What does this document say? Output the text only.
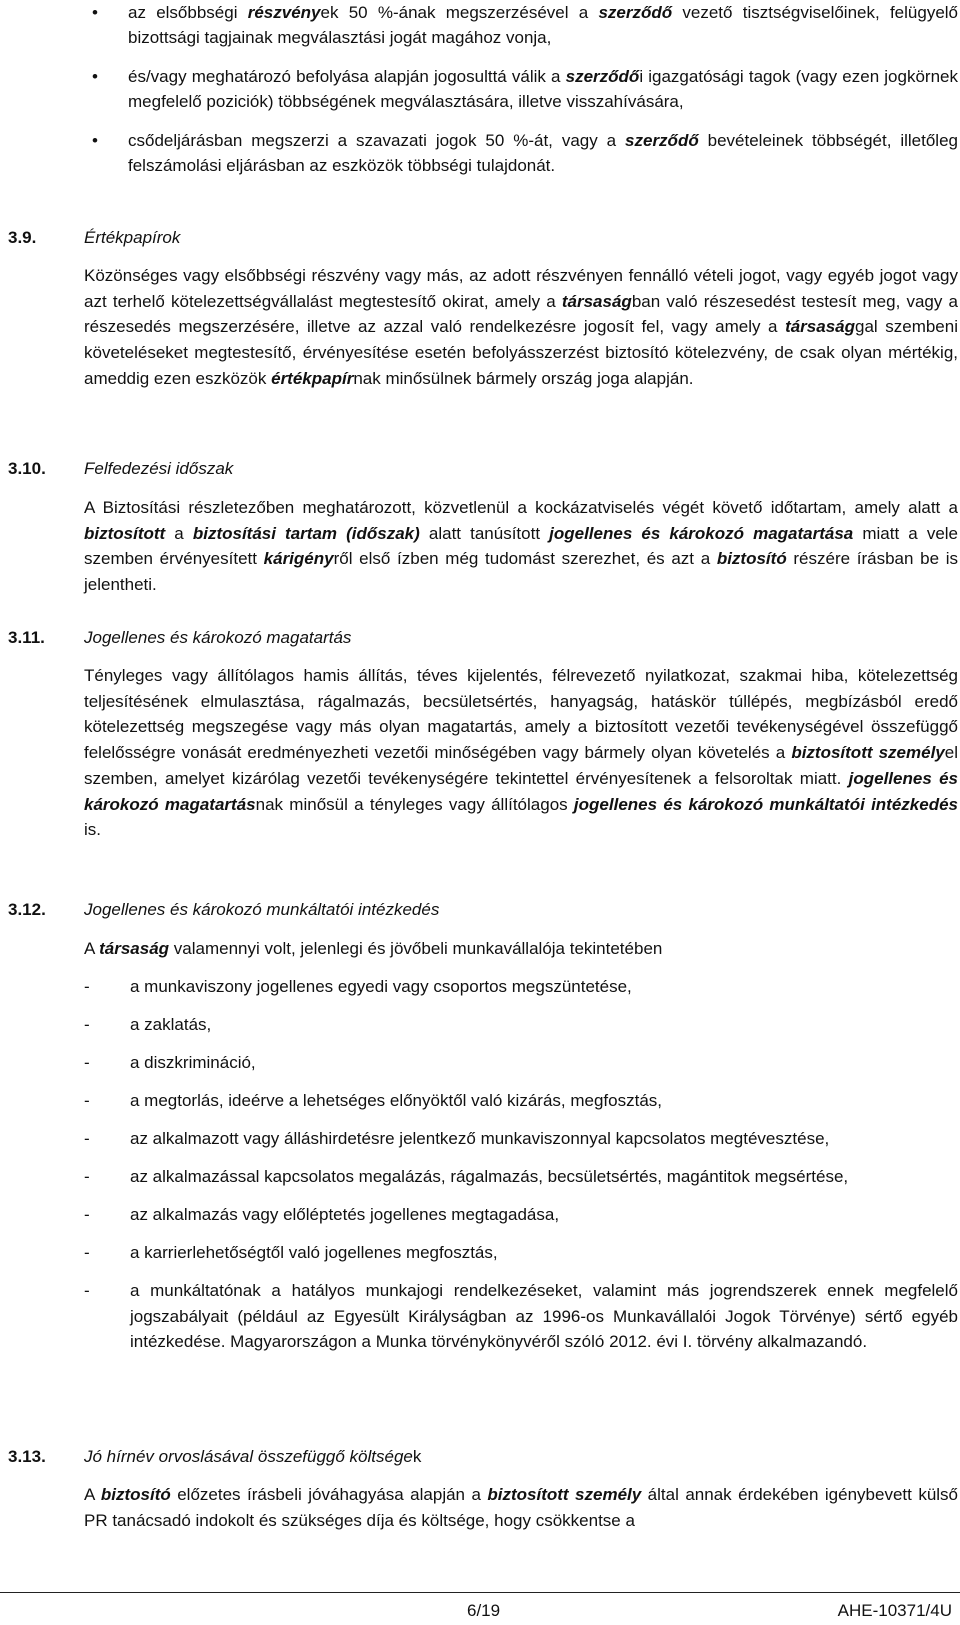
• az elsőbbségi részvények 50 %-ának megszerzésével a szerződő vezető tisztségviselőinek, felügyelő bizottsági tagjainak megválasztási jogát magához vonja,
• és/vagy meghatározó befolyása alapján jogosulttá válik a szerződői igazgatósági tagok (vagy ezen jogkörnek megfelelő poziciók) többségének megválasztására, illetve visszahívására,
• csődeljárásban megszerzi a szavazati jogok 50 %-át, vagy a szerződő bevételeinek többségét, illetőleg felszámolási eljárásban az eszközök többségi tulajdonát.
3.9.	Értékpapírok

Közönséges vagy elsőbbségi részvény vagy más, az adott részvényen fennálló vételi jogot, vagy egyéb jogot vagy azt terhelő kötelezettségvállalást megtestesítő okirat, amely a társaságban való részesedést testesít meg, vagy a részesedés megszerzésére, illetve az azzal való rendelkezésre jogosít fel, vagy amely a társasággal szembeni követeléseket megtestesítő, érvényesítése esetén befolyásszerzést biztosító kötelezvény, de csak olyan mértékig, ameddig ezen eszközök értékpapírnak minősülnek bármely ország joga alapján.

3.10. Felfedezési időszak

A Biztosítási részletezőben meghatározott, közvetlenül a kockázatviselés végét követő időtartam, amely alatt a biztosított a biztosítási tartam (időszak) alatt tanúsított jogellenes és károkozó magatartása miatt a vele szemben érvényesített kárigényről első ízben még tudomást szerezhet, és azt a biztosító részére írásban be is jelentheti.

3.11. Jogellenes és károkozó magatartás

Tényleges vagy állítólagos hamis állítás, téves kijelentés, félrevezető nyilatkozat, szakmai hiba, kötelezettség teljesítésének elmulasztása, rágalmazás, becsületsértés, hanyagság, hatáskör túllépés, megbízásból eredő kötelezettség megszegése vagy más olyan magatartás, amely a biztosított vezetői tevékenységével összefüggő felelősségre vonását eredményezheti vezetői minőségében vagy bármely olyan követelés a biztosított személyel szemben, amelyet kizárólag vezetői tevékenységére tekintettel érvényesítenek a felsoroltak miatt. jogellenes és károkozó magatartásnak minősül a tényleges vagy állítólagos jogellenes és károkozó munkáltatói intézkedés is.

3.12. Jogellenes és károkozó munkáltatói intézkedés

A társaság valamennyi volt, jelenlegi és jövőbeli munkavállalója tekintetében

- a munkaviszony jogellenes egyedi vagy csoportos megszüntetése,
- a zaklatás,
- a diszkrimináció,
- a megtorlás, ideérve a lehetséges előnyöktől való kizárás, megfosztás,
- az alkalmazott vagy álláshirdetésre jelentkező munkaviszonnyal kapcsolatos megtévesztése,
- az alkalmazással kapcsolatos megalázás, rágalmazás, becsületsértés, magántitok megsértése,
- az alkalmazás vagy előléptetés jogellenes megtagadása,
- a karrierlehetőségtől való jogellenes megfosztás,
- a munkáltatónak a hatályos munkajogi rendelkezéseket, valamint más jogrendszerek ennek megfelelő jogszabályait (például az Egyesült Királyságban az 1996-os Munkavállalói Jogok Törvénye) sértő egyéb intézkedése. Magyarországon a Munka törvénykönyvéről szóló 2012. évi I. törvény alkalmazandó.
3.13. Jó hírnév orvoslásával összefüggő költségek

A biztosító előzetes írásbeli jóváhagyása alapján a biztosított személy által annak érdekében igénybevett külső PR tanácsadó indokolt és szükséges díja és költsége, hogy csökkentse a

6/19	AHE-10371/4U
